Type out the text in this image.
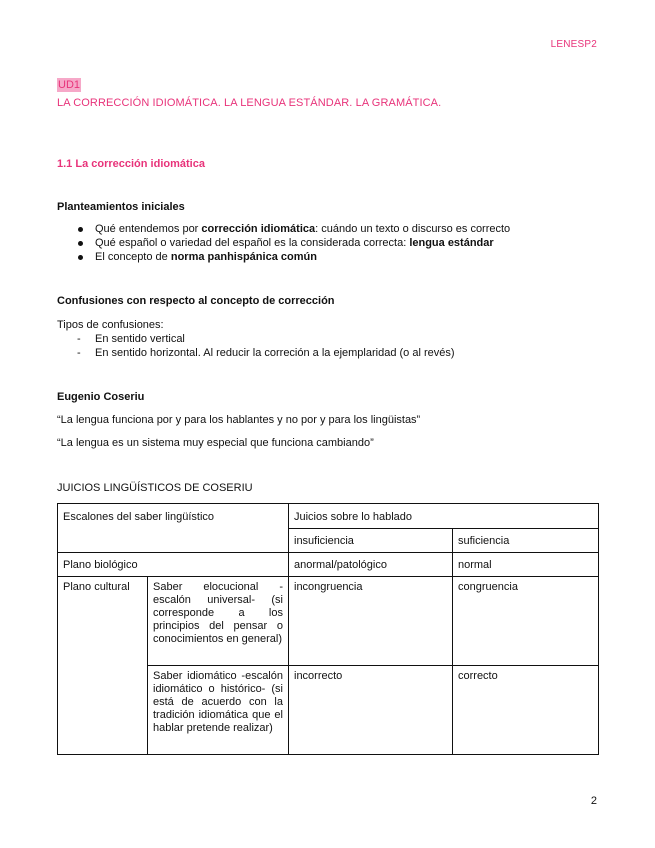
LENESP2
UD1
LA CORRECCIÓN IDIOMÁTICA. LA LENGUA ESTÁNDAR. LA GRAMÁTICA.
1.1 La corrección idiomática
Planteamientos iniciales
Qué entendemos por corrección idiomática: cuándo un texto o discurso es correcto
Qué español o variedad del español es la considerada correcta: lengua estándar
El concepto de norma panhispánica común
Confusiones con respecto al concepto de corrección
Tipos de confusiones:
- En sentido vertical
- En sentido horizontal. Al reducir la correción a la ejemplaridad (o al revés)
Eugenio Coseriu
“La lengua funciona por y para los hablantes y no por y para los lingüistas”
“La lengua es un sistema muy especial que funciona cambiando”
JUICIOS LINGÜÍSTICOS DE COSERIU
Escalones del saber lingüístico		Juicios sobre lo hablado	
		insuficiencia	suficiencia
Plano biológico		anormal/patológico	normal
Plano cultural	Saber elocucional -escalón universal- (si corresponde a los principios del pensar o conocimientos en general)	incongruencia	congruencia
	Saber idiomático -escalón idiomático o histórico- (si está de acuerdo con la tradición idiomática que el hablar pretende realizar)	incorrecto	correcto
2
